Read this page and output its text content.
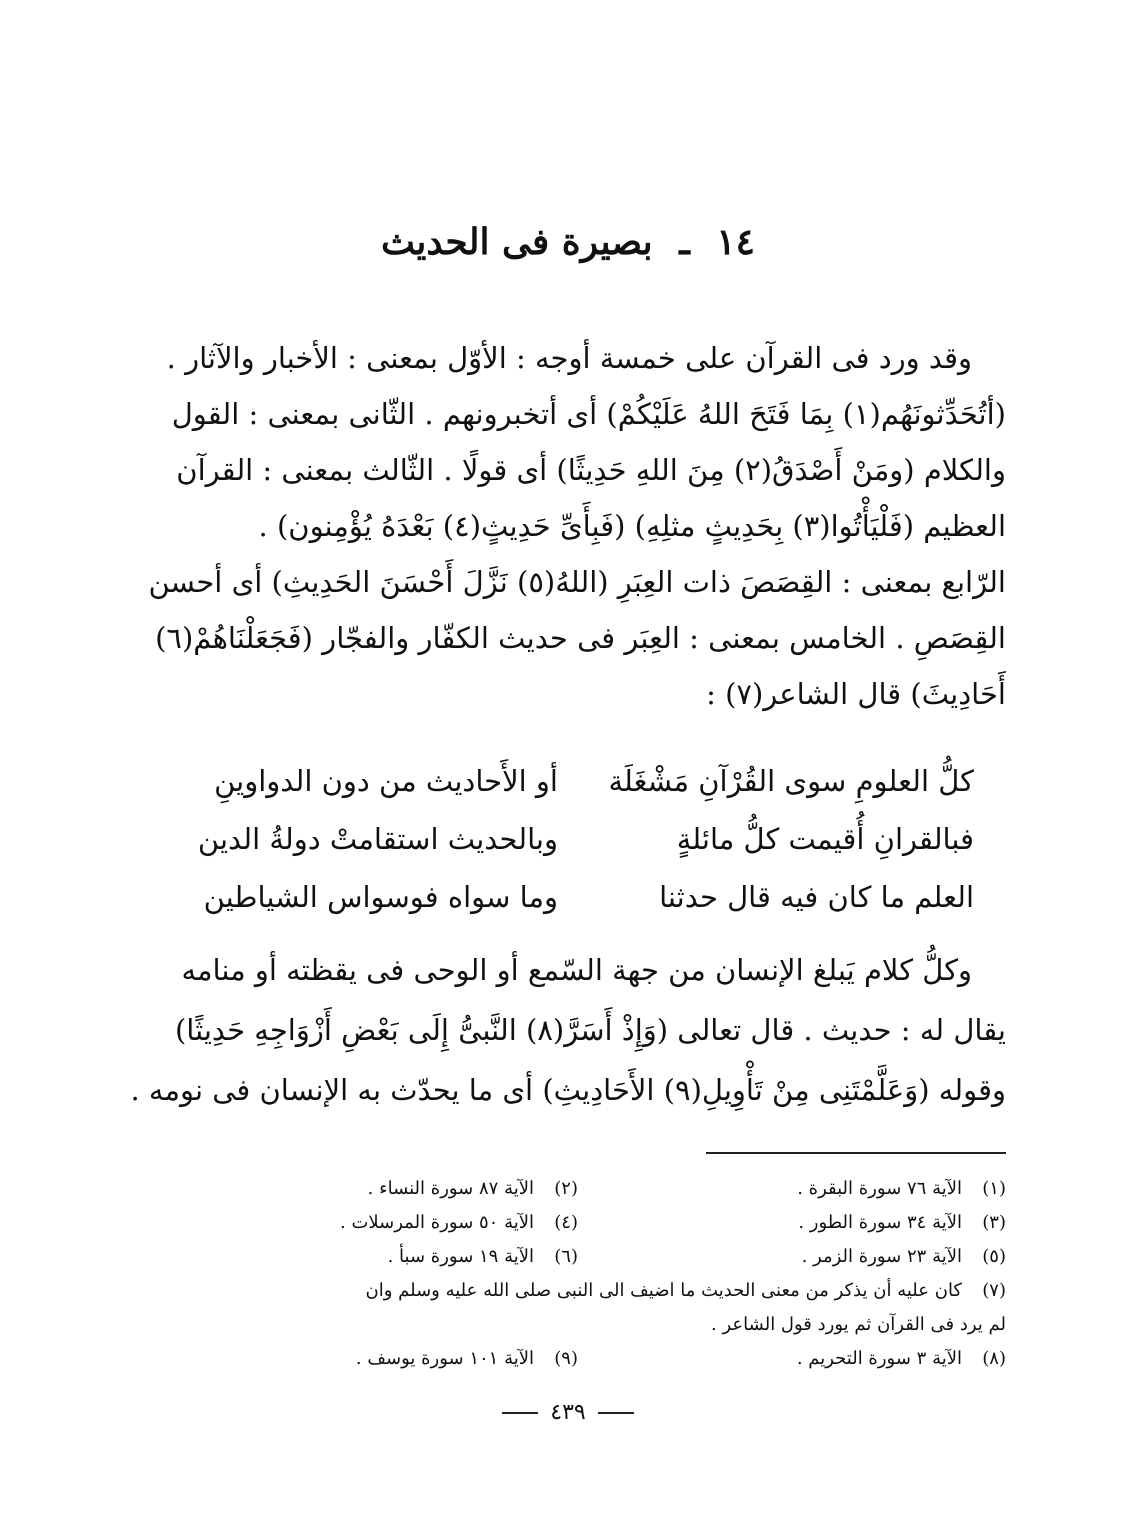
١٤ ـ بصيرة فى الحديث
وقد ورد فى القرآن على خمسة أوجه : الأوّل بمعنى : الأخبار والآثار .
(أتُحَدِّثونَهُم(١) بِمَا فَتَحَ اللهُ عَلَيْكُمْ) أى أتخبرونهم . الثّانى بمعنى : القول
والكلام (ومَنْ أَصْدَقُ(٢) مِنَ اللهِ حَدِيثًا) أى قولًا . الثّالث بمعنى : القرآن
العظيم (فَلْيَأْتُوا(٣) بِحَدِيثٍ مثلِهِ) (فَبِأَىِّ حَدِيثٍ(٤) بَعْدَهُ يُؤْمِنون) .
الرّابع بمعنى : القِصَصَ ذات العِبَرِ (اللهُ(٥) نَزَّلَ أَحْسَنَ الحَدِيثِ) أى أحسن
القِصَصِ . الخامس بمعنى : العِبَر فى حديث الكفّار والفجّار (فَجَعَلْنَاهُمْ(٦)
أَحَادِيثَ) قال الشاعر(٧) :
كلُّ العلومِ سوى القُرْآنِ مَشْغَلَة
أو الأَحاديث من دون الدواوينِ
فبالقرانِ أُقيمت كلُّ مائلةٍ
وبالحديث استقامتْ دولةُ الدين
العلم ما كان فيه قال حدثنا
وما سواه فوسواس الشياطين
وكلُّ كلام يَبلغ الإنسان من جهة السّمع أو الوحى فى يقظته أو منامه
يقال له : حديث . قال تعالى (وَإِذْ أَسَرَّ(٨) النَّبىُّ إِلَى بَعْضِ أَزْوَاجِهِ حَدِيثًا)
وقوله (وَعَلَّمْتَنِى مِنْ تَأْوِيلِ(٩) الأَحَادِيثِ) أى ما يحدّث به الإنسان فى نومه .
(١)الآية ٧٦ سورة البقرة .
(٢)الآية ٨٧ سورة النساء .
(٣)الآية ٣٤ سورة الطور .
(٤)الآية ٥٠ سورة المرسلات .
(٥)الآية ٢٣ سورة الزمر .
(٦)الآية ١٩ سورة سبأ .
(٧)كان عليه أن يذكر من معنى الحديث ما اضيف الى النبى صلى الله عليه وسلم وان
لم يرد فى القرآن ثم يورد قول الشاعر .
(٨)الآية ٣ سورة التحريم .
(٩)الآية ١٠١ سورة يوسف .
٤٣٩
